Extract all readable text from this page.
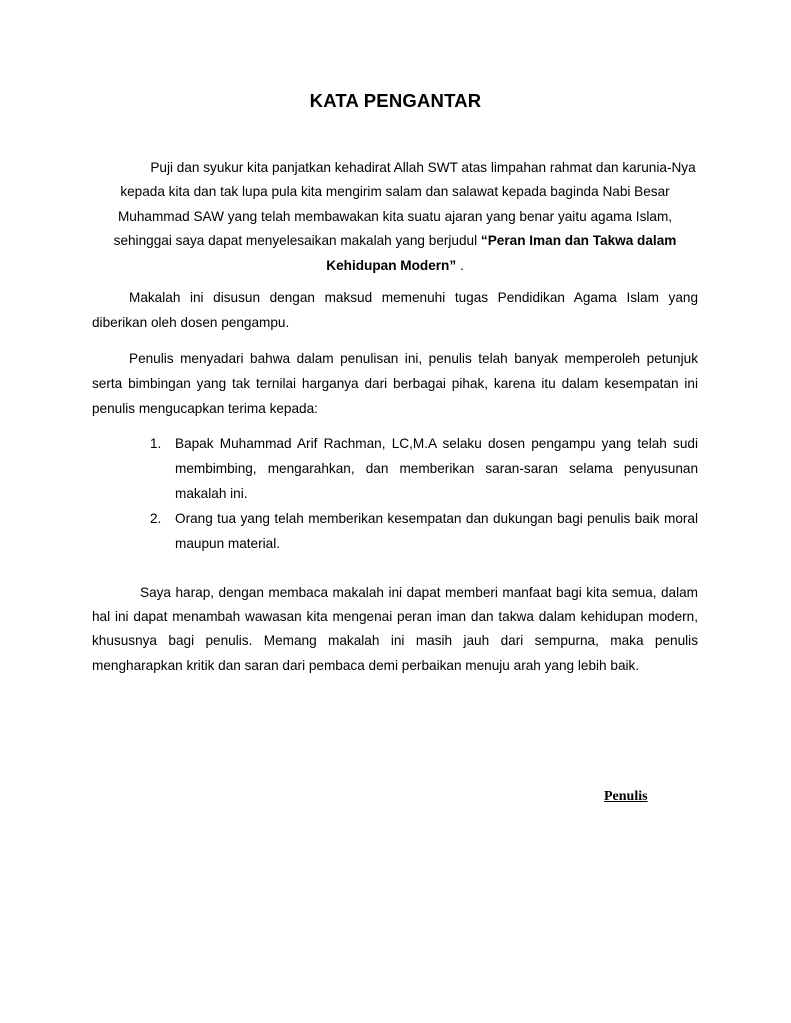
KATA PENGANTAR
Puji dan syukur kita panjatkan kehadirat Allah SWT atas limpahan rahmat dan karunia-Nya kepada kita dan tak lupa pula kita mengirim salam dan salawat kepada baginda Nabi Besar Muhammad SAW yang telah membawakan kita suatu ajaran yang benar yaitu agama Islam, sehinggai saya dapat menyelesaikan makalah yang berjudul “Peran Iman dan Takwa dalam Kehidupan Modern” .
Makalah ini disusun dengan maksud memenuhi tugas Pendidikan Agama Islam yang diberikan oleh dosen pengampu.
Penulis menyadari bahwa dalam penulisan ini, penulis telah banyak memperoleh petunjuk serta bimbingan yang tak ternilai harganya dari berbagai pihak, karena itu dalam kesempatan ini penulis mengucapkan terima kepada:
1. Bapak Muhammad Arif Rachman, LC,M.A selaku dosen pengampu yang telah sudi membimbing, mengarahkan, dan memberikan saran-saran selama penyusunan makalah ini.
2. Orang tua yang telah memberikan kesempatan dan dukungan bagi penulis baik moral maupun material.
Saya harap, dengan membaca makalah ini dapat memberi manfaat bagi kita semua, dalam hal ini dapat menambah wawasan kita mengenai peran iman dan takwa dalam kehidupan modern, khususnya bagi penulis. Memang makalah ini masih jauh dari sempurna, maka penulis mengharapkan kritik dan saran dari pembaca demi perbaikan menuju arah yang lebih baik.
Penulis
